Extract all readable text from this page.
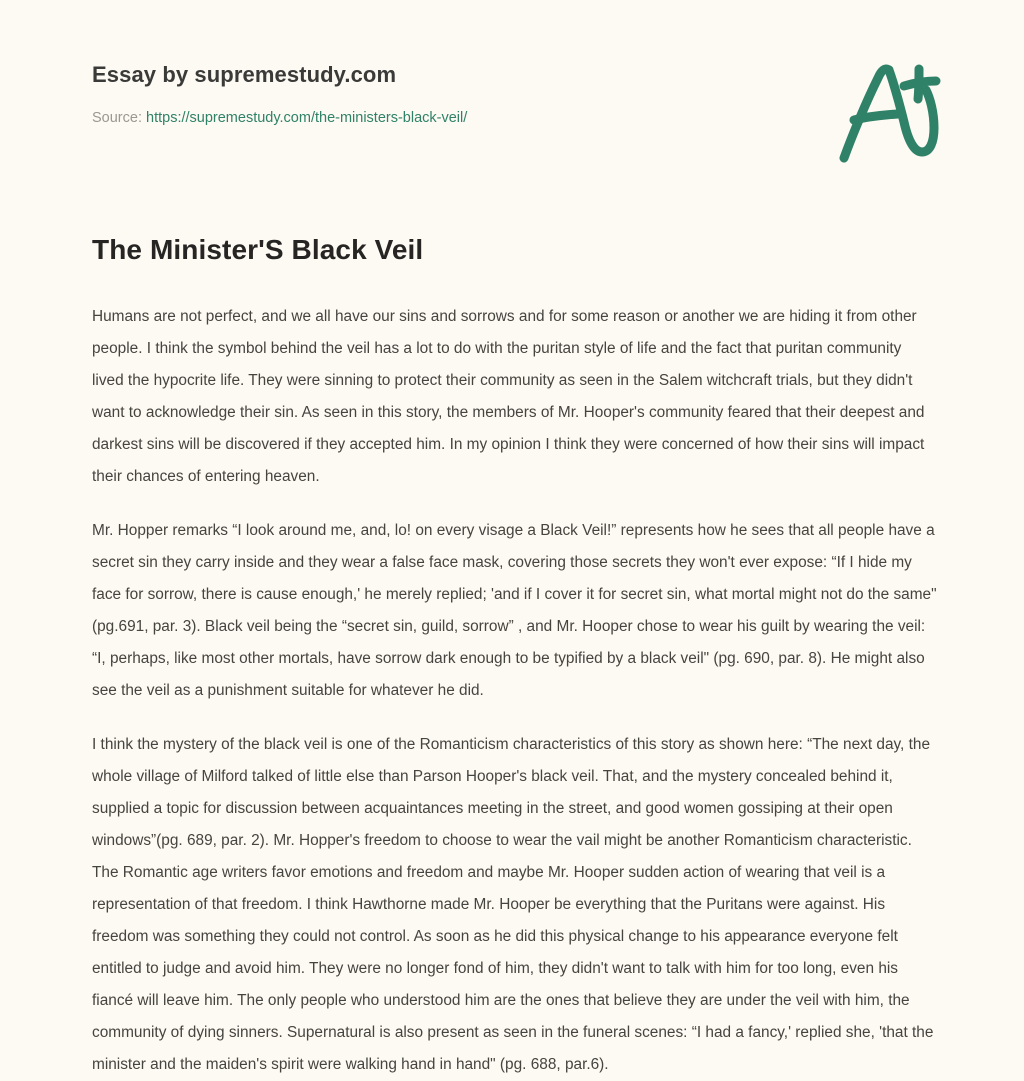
Essay by supremestudy.com
Source: https://supremestudy.com/the-ministers-black-veil/
The Minister'S Black Veil

Humans are not perfect, and we all have our sins and sorrows and for some reason or another we are hiding it from other people. I think the symbol behind the veil has a lot to do with the puritan style of life and the fact that puritan community lived the hypocrite life. They were sinning to protect their community as seen in the Salem witchcraft trials, but they didn't want to acknowledge their sin. As seen in this story, the members of Mr. Hooper's community feared that their deepest and darkest sins will be discovered if they accepted him. In my opinion I think they were concerned of how their sins will impact their chances of entering heaven.

Mr. Hopper remarks “I look around me, and, lo! on every visage a Black Veil!” represents how he sees that all people have a secret sin they carry inside and they wear a false face mask, covering those secrets they won't ever expose: “If I hide my face for sorrow, there is cause enough,' he merely replied; 'and if I cover it for secret sin, what mortal might not do the same" (pg.691, par. 3). Black veil being the “secret sin, guild, sorrow” , and Mr. Hooper chose to wear his guilt by wearing the veil: “I, perhaps, like most other mortals, have sorrow dark enough to be typified by a black veil" (pg. 690, par. 8). He might also see the veil as a punishment suitable for whatever he did.

I think the mystery of the black veil is one of the Romanticism characteristics of this story as shown here: “The next day, the whole village of Milford talked of little else than Parson Hooper's black veil. That, and the mystery concealed behind it, supplied a topic for discussion between acquaintances meeting in the street, and good women gossiping at their open windows”(pg. 689, par. 2). Mr. Hopper's freedom to choose to wear the vail might be another Romanticism characteristic. The Romantic age writers favor emotions and freedom and maybe Mr. Hooper sudden action of wearing that veil is a representation of that freedom. I think Hawthorne made Mr. Hooper be everything that the Puritans were against. His freedom was something they could not control. As soon as he did this physical change to his appearance everyone felt entitled to judge and avoid him. They were no longer fond of him, they didn't want to talk with him for too long, even his fiancé will leave him. The only people who understood him are the ones that believe they are under the veil with him, the community of dying sinners. Supernatural is also present as seen in the funeral scenes: “I had a fancy,' replied she, 'that the minister and the maiden's spirit were walking hand in hand" (pg. 688, par.6).
